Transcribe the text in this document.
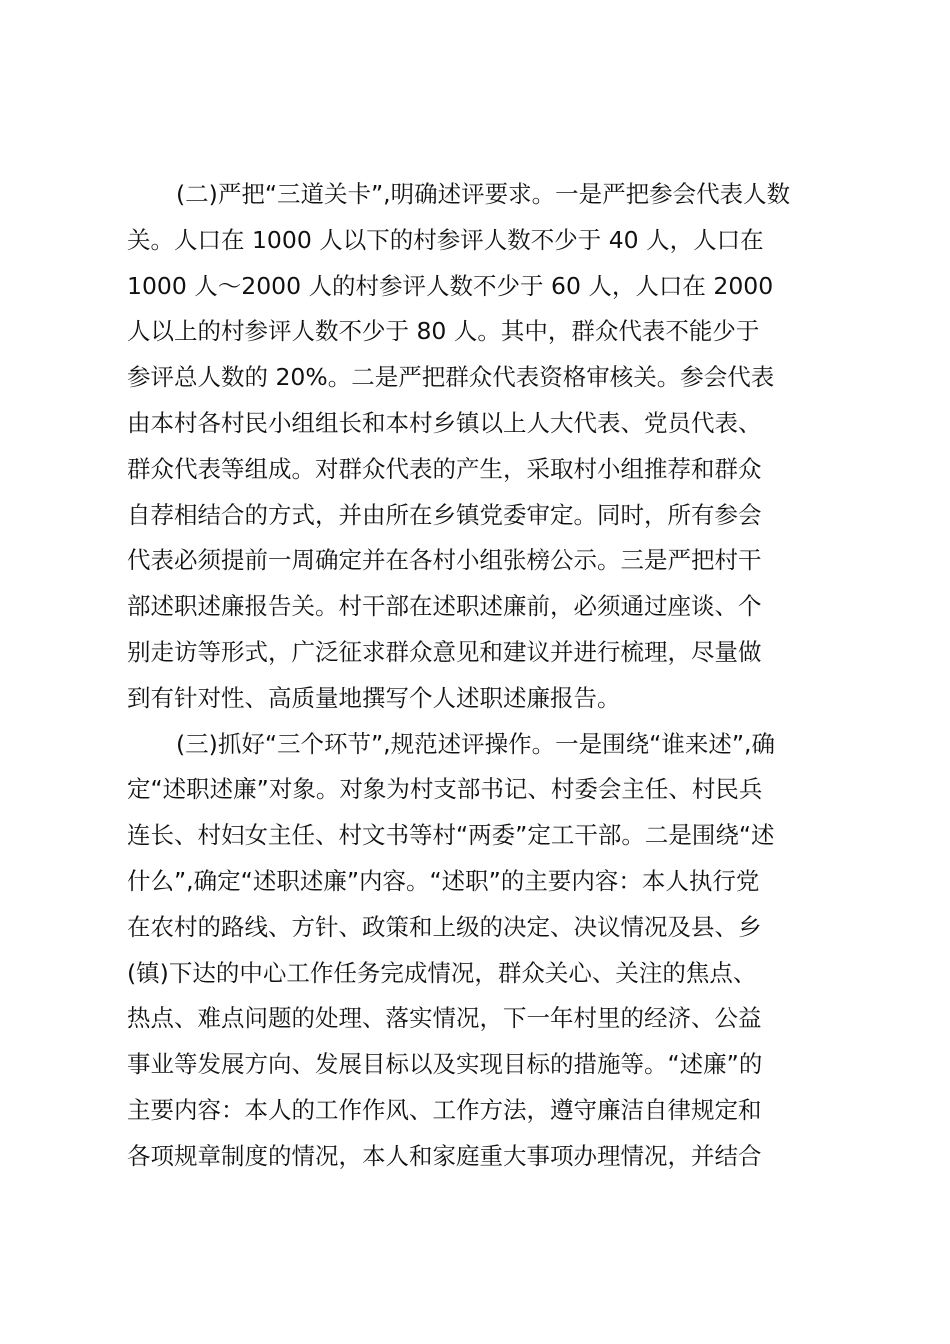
(二)严把“三道关卡”,明确述评要求。一是严把参会代表人数
关。人口在 1000 人以下的村参评人数不少于 40 人，人口在
1000 人～2000 人的村参评人数不少于 60 人，人口在 2000
人以上的村参评人数不少于 80 人。其中，群众代表不能少于
参评总人数的 20%。二是严把群众代表资格审核关。参会代表
由本村各村民小组组长和本村乡镇以上人大代表、党员代表、
群众代表等组成。对群众代表的产生，采取村小组推荐和群众
自荐相结合的方式，并由所在乡镇党委审定。同时，所有参会
代表必须提前一周确定并在各村小组张榜公示。三是严把村干
部述职述廉报告关。村干部在述职述廉前，必须通过座谈、个
别走访等形式，广泛征求群众意见和建议并进行梳理，尽量做
到有针对性、高质量地撰写个人述职述廉报告。
(三)抓好“三个环节”,规范述评操作。一是围绕“谁来述”,确
定“述职述廉”对象。对象为村支部书记、村委会主任、村民兵
连长、村妇女主任、村文书等村“两委”定工干部。二是围绕“述
什么”,确定“述职述廉”内容。“述职”的主要内容：本人执行党
在农村的路线、方针、政策和上级的决定、决议情况及县、乡
(镇)下达的中心工作任务完成情况，群众关心、关注的焦点、
热点、难点问题的处理、落实情况，下一年村里的经济、公益
事业等发展方向、发展目标以及实现目标的措施等。“述廉”的
主要内容：本人的工作作风、工作方法，遵守廉洁自律规定和
各项规章制度的情况，本人和家庭重大事项办理情况，并结合
